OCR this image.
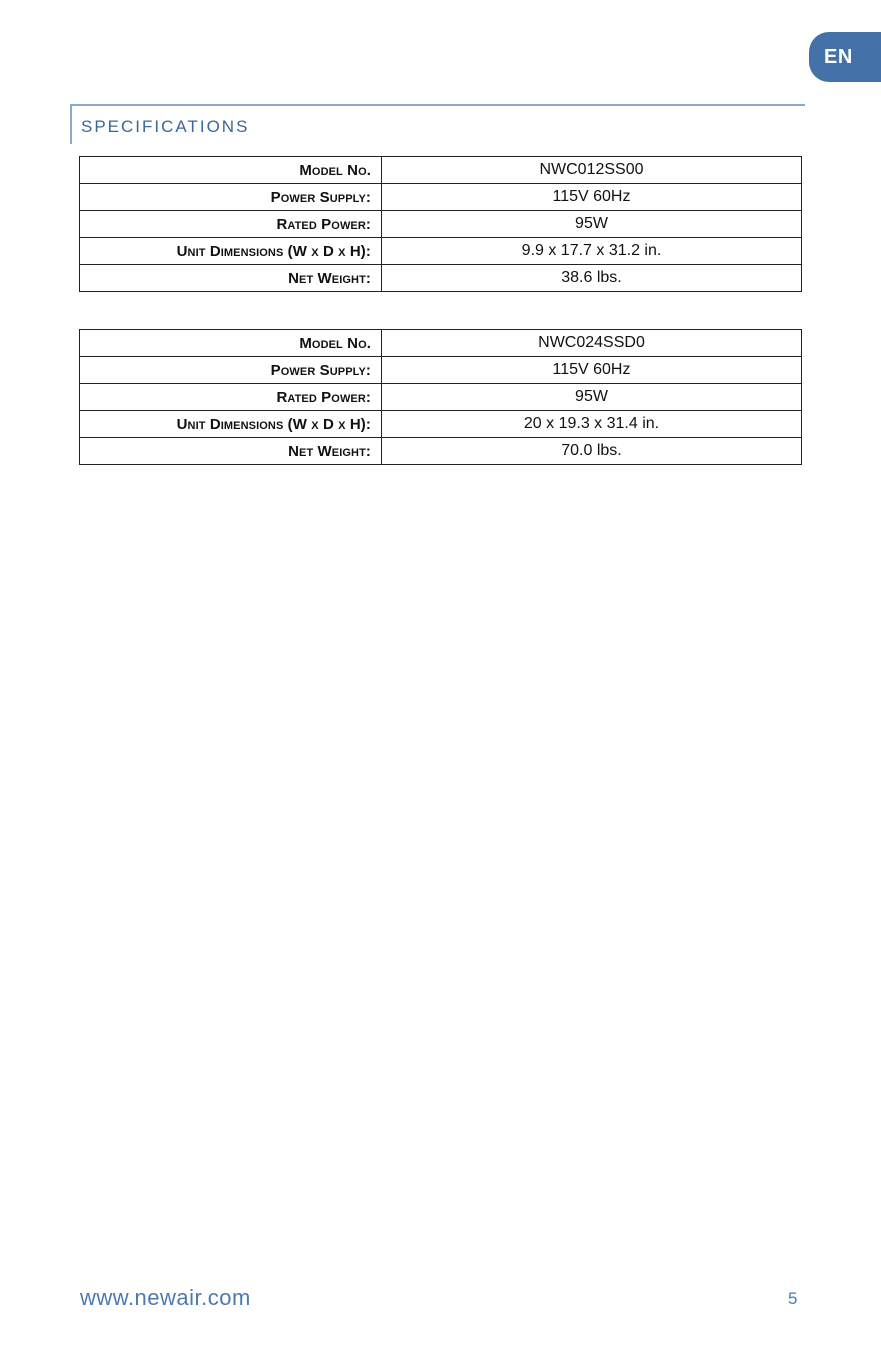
EN
SPECIFICATIONS
Model No.	NWC012SS00
Power Supply:	115V 60Hz
Rated Power:	95W
Unit Dimensions (W x D x H):	9.9 x 17.7 x 31.2 in.
Net Weight:	38.6 lbs.
Model No.	NWC024SSD0
Power Supply:	115V 60Hz
Rated Power:	95W
Unit Dimensions (W x D x H):	20 x 19.3 x 31.4 in.
Net Weight:	70.0 lbs.
www.newair.com	5
